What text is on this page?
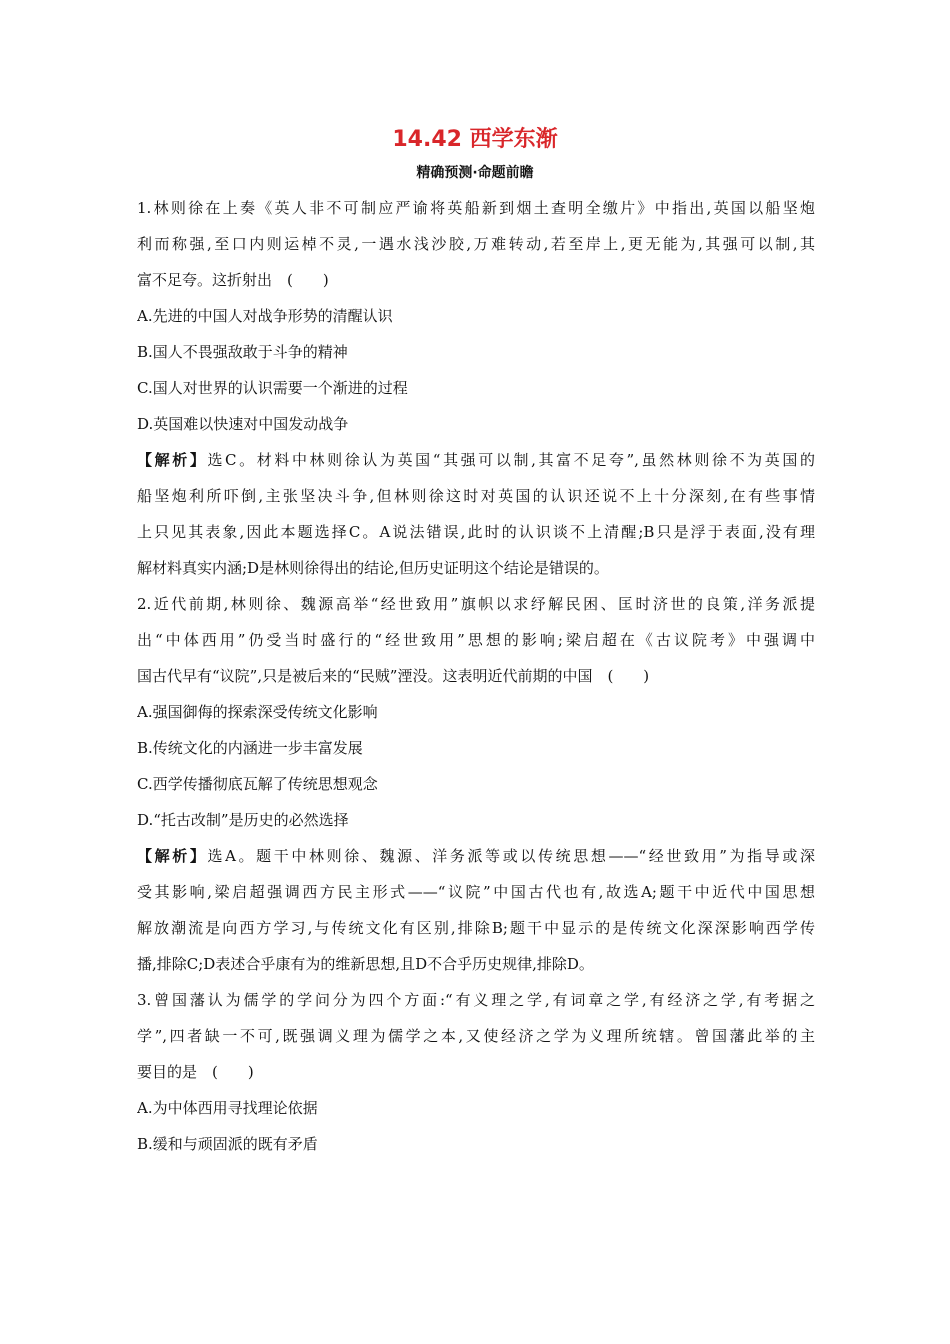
14.42 西学东渐
精确预测·命题前瞻
1.林则徐在上奏《英人非不可制应严谕将英船新到烟土查明全缴片》中指出,英国以船坚炮
利而称强,至口内则运棹不灵,一遇水浅沙胶,万难转动,若至岸上,更无能为,其强可以制,其
富不足夸。这折射出　(　　)
A.先进的中国人对战争形势的清醒认识
B.国人不畏强敌敢于斗争的精神
C.国人对世界的认识需要一个渐进的过程
D.英国难以快速对中国发动战争
【解析】选C。材料中林则徐认为英国“其强可以制,其富不足夸”,虽然林则徐不为英国的
船坚炮利所吓倒,主张坚决斗争,但林则徐这时对英国的认识还说不上十分深刻,在有些事情
上只见其表象,因此本题选择C。A说法错误,此时的认识谈不上清醒;B只是浮于表面,没有理
解材料真实内涵;D是林则徐得出的结论,但历史证明这个结论是错误的。
2.近代前期,林则徐、魏源高举“经世致用”旗帜以求纾解民困、匡时济世的良策,洋务派提
出“中体西用”仍受当时盛行的“经世致用”思想的影响;梁启超在《古议院考》中强调中
国古代早有“议院”,只是被后来的“民贼”湮没。这表明近代前期的中国　(　　)
A.强国御侮的探索深受传统文化影响
B.传统文化的内涵进一步丰富发展
C.西学传播彻底瓦解了传统思想观念
D.“托古改制”是历史的必然选择
【解析】选A。题干中林则徐、魏源、洋务派等或以传统思想——“经世致用”为指导或深
受其影响,梁启超强调西方民主形式——“议院”中国古代也有,故选A;题干中近代中国思想
解放潮流是向西方学习,与传统文化有区别,排除B;题干中显示的是传统文化深深影响西学传
播,排除C;D表述合乎康有为的维新思想,且D不合乎历史规律,排除D。
3.曾国藩认为儒学的学问分为四个方面:“有义理之学,有词章之学,有经济之学,有考据之
学”,四者缺一不可,既强调义理为儒学之本,又使经济之学为义理所统辖。曾国藩此举的主
要目的是　(　　)
A.为中体西用寻找理论依据
B.缓和与顽固派的既有矛盾
